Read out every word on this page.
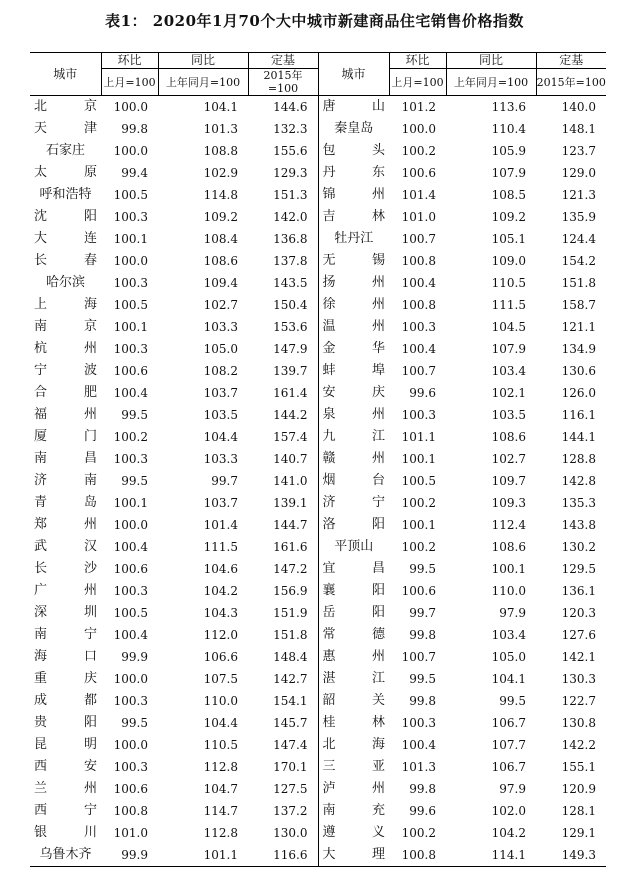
表1： 2020年1月70个大中城市新建商品住宅销售价格指数
城市	环比	同比	定基	城市	环比	同比	定基
	上月=100	上年同月=100	2015年=100		上月=100	上年同月=100	2015年=100

北 京	100.0	104.1	144.6	唐 山	101.2	113.6	140.0

天 津	99.8	101.3	132.3	秦皇岛	100.0	110.4	148.1

石家庄	100.0	108.8	155.6	包 头	100.2	105.9	123.7

太 原	99.4	102.9	129.3	丹 东	100.6	107.9	129.0

呼和浩特	100.5	114.8	151.3	锦 州	101.4	108.5	121.3

沈 阳	100.3	109.2	142.0	吉 林	101.0	109.2	135.9

大 连	100.1	108.4	136.8	牡丹江	100.7	105.1	124.4

长 春	100.0	108.6	137.8	无 锡	100.8	109.0	154.2

哈尔滨	100.3	109.4	143.5	扬 州	100.4	110.5	151.8

上 海	100.5	102.7	150.4	徐 州	100.8	111.5	158.7

南 京	100.1	103.3	153.6	温 州	100.3	104.5	121.1

杭 州	100.3	105.0	147.9	金 华	100.4	107.9	134.9

宁 波	100.6	108.2	139.7	蚌 埠	100.7	103.4	130.6

合 肥	100.4	103.7	161.4	安 庆	99.6	102.1	126.0

福 州	99.5	103.5	144.2	泉 州	100.3	103.5	116.1

厦 门	100.2	104.4	157.4	九 江	101.1	108.6	144.1

南 昌	100.3	103.3	140.7	赣 州	100.1	102.7	128.8

济 南	99.5	99.7	141.0	烟 台	100.5	109.7	142.8

青 岛	100.1	103.7	139.1	济 宁	100.2	109.3	135.3

郑 州	100.0	101.4	144.7	洛 阳	100.1	112.4	143.8

武 汉	100.4	111.5	161.6	平顶山	100.2	108.6	130.2

长 沙	100.6	104.6	147.2	宜 昌	99.5	100.1	129.5

广 州	100.3	104.2	156.9	襄 阳	100.6	110.0	136.1

深 圳	100.5	104.3	151.9	岳 阳	99.7	97.9	120.3

南 宁	100.4	112.0	151.8	常 德	99.8	103.4	127.6

海 口	99.9	106.6	148.4	惠 州	100.7	105.0	142.1

重 庆	100.0	107.5	142.7	湛 江	99.5	104.1	130.3

成 都	100.3	110.0	154.1	韶 关	99.8	99.5	122.7

贵 阳	99.5	104.4	145.7	桂 林	100.3	106.7	130.8

昆 明	100.0	110.5	147.4	北 海	100.4	107.7	142.2

西 安	100.3	112.8	170.1	三 亚	101.3	106.7	155.1

兰 州	100.6	104.7	127.5	泸 州	99.8	97.9	120.9

西 宁	100.8	114.7	137.2	南 充	99.6	102.0	128.1

银 川	101.0	112.8	130.0	遵 义	100.2	104.2	129.1

乌鲁木齐	99.9	101.1	116.6	大 理	100.8	114.1	149.3
